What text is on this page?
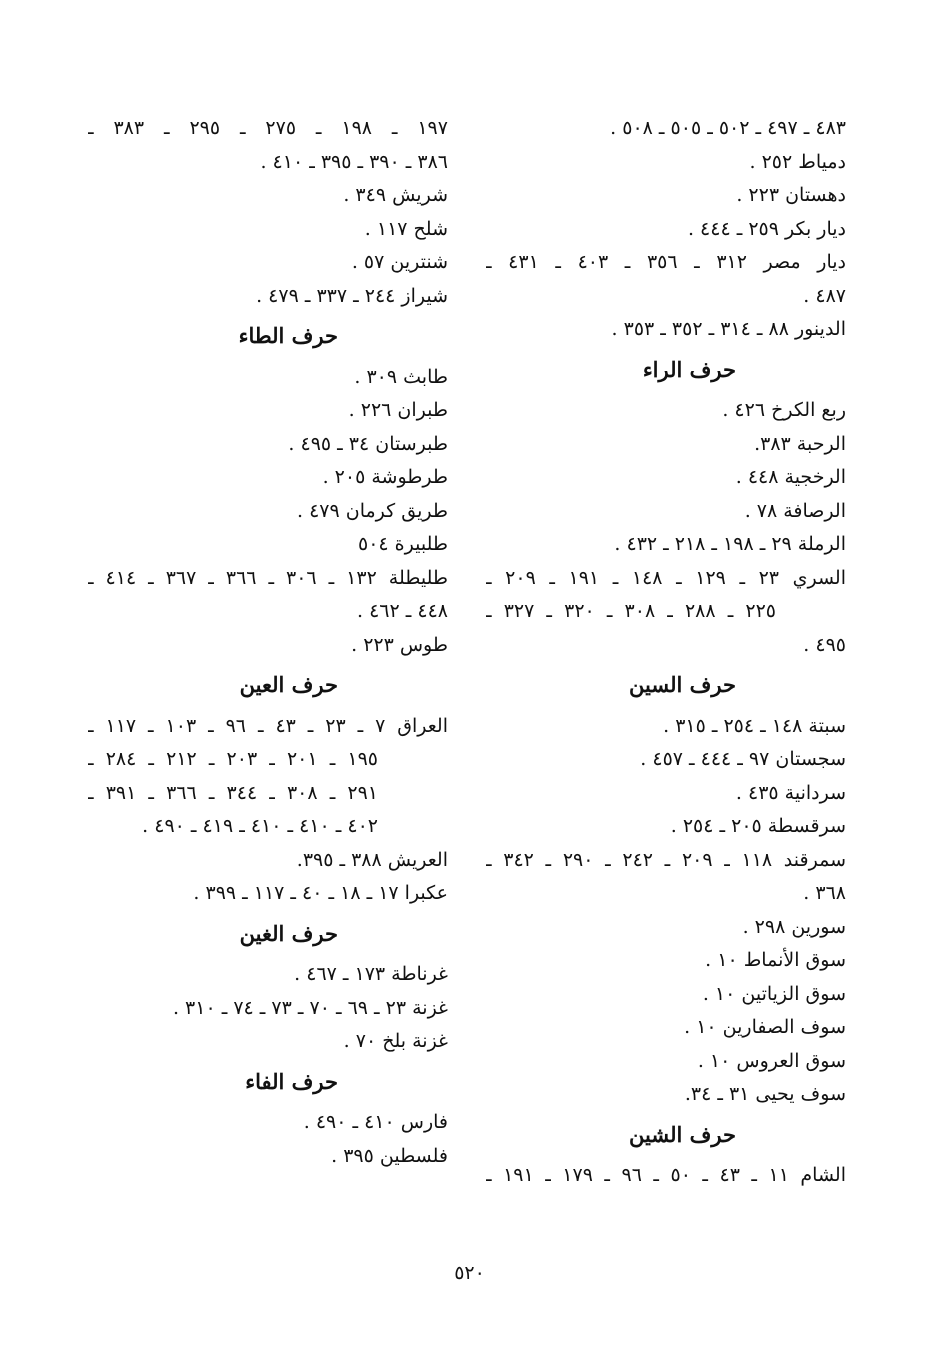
٤٨٣ ـ ٤٩٧ ـ ٥٠٢ ـ ٥٠٥ ـ ٥٠٨ .
دمياط ٢٥٢ .
دهستان ٢٢٣ .
ديار بكر ٢٥٩ ـ ٤٤٤ .
ديار مصر ٣١٢ ـ ٣٥٦ ـ ٤٠٣ ـ ٤٣١ ـ
٤٨٧ .
الدينور ٨٨ ـ ٣١٤ ـ ٣٥٢ ـ ٣٥٣ .
حرف الراء
ربع الكرخ ٤٢٦ .
الرحبة ٣٨٣.
الرخجية ٤٤٨ .
الرصافة ٧٨ .
الرملة ٢٩ ـ ١٩٨ ـ ٢١٨ ـ ٤٣٢ .
السري ٢٣ ـ ١٢٩ ـ ١٤٨ ـ ١٩١ ـ ٢٠٩ ـ
٢٢٥ ـ ٢٨٨ ـ ٣٠٨ ـ ٣٢٠ ـ ٣٢٧ ـ
٤٩٥ .
حرف السين
سبتة ١٤٨ ـ ٢٥٤ ـ ٣١٥ .
سجستان ٩٧ ـ ٤٤٤ ـ ٤٥٧ .
سردانية ٤٣٥ .
سرقسطة ٢٠٥ ـ ٢٥٤ .
سمرقند ١١٨ ـ ٢٠٩ ـ ٢٤٢ ـ ٢٩٠ ـ ٣٤٢ ـ
٣٦٨ .
سورين ٢٩٨ .
سوق الأنماط ١٠ .
سوق الزياتين ١٠ .
سوف الصفارين ١٠ .
سوق العروس ١٠ .
سوف يحيى ٣١ ـ ٣٤.
حرف الشين
الشام ١١ ـ ٤٣ ـ ٥٠ ـ ٩٦ ـ ١٧٩ ـ ١٩١ ـ
١٩٧ ـ ١٩٨ ـ ٢٧٥ ـ ٢٩٥ ـ ٣٨٣ ـ
٣٨٦ ـ ٣٩٠ ـ ٣٩٥ ـ ٤١٠ .
شريش ٣٤٩ .
شلح ١١٧ .
شنترين ٥٧ .
شيراز ٢٤٤ ـ ٣٣٧ ـ ٤٧٩ .
حرف الطاء
طابث ٣٠٩ .
طبران ٢٢٦ .
طبرستان ٣٤ ـ ٤٩٥ .
طرطوشة ٢٠٥ .
طريق كرمان ٤٧٩ .
طلبيرة ٥٠٤
طليطلة ١٣٢ ـ ٣٠٦ ـ ٣٦٦ ـ ٣٦٧ ـ ٤١٤ ـ
٤٤٨ ـ ٤٦٢ .
طوس ٢٢٣ .
حرف العين
العراق ٧ ـ ٢٣ ـ ٤٣ ـ ٩٦ ـ ١٠٣ ـ ١١٧ ـ
١٩٥ ـ ٢٠١ ـ ٢٠٣ ـ ٢١٢ ـ ٢٨٤ ـ
٢٩١ ـ ٣٠٨ ـ ٣٤٤ ـ ٣٦٦ ـ ٣٩١ ـ
٤٠٢ ـ ٤١٠ ـ ٤١٠ ـ ٤١٩ ـ ٤٩٠ .
العريش ٣٨٨ ـ ٣٩٥.
عكبرا ١٧ ـ ١٨ ـ ٤٠ ـ ١١٧ ـ ٣٩٩ .
حرف الغين
غرناطة ١٧٣ ـ ٤٦٧ .
غزنة ٢٣ ـ ٦٩ ـ ٧٠ ـ ٧٣ ـ ٧٤ ـ ٣١٠ .
غزنة بلخ ٧٠ .
حرف الفاء
فارس ٤١٠ ـ ٤٩٠ .
فلسطين ٣٩٥ .
٥٢٠
